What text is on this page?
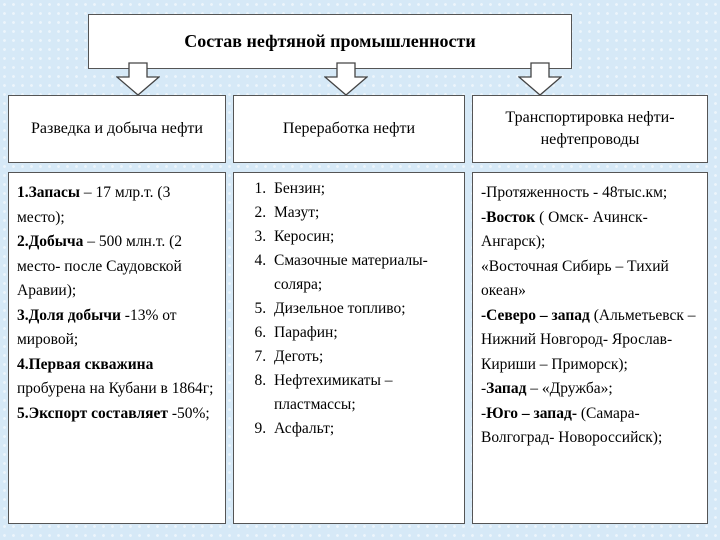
Состав нефтяной промышленности
Разведка и добыча нефти	Переработка нефти
Транспортировка нефти- нефтепроводы

1.Запасы – 17 млр.т. (3 место);

2.Добыча – 500 млн.т. (2 место- после Саудовской Аравии);

3.Доля добычи -13% от мировой;

4.Первая скважина пробурена на Кубани в 1864г;

5.Экспорт составляет -50%;

1. Бензин;
2. Мазут;
3. Керосин;
4. Смазочные материалы- соляра;
5. Дизельное топливо;
6. Парафин;
7. Деготь;
8. Нефтехимикаты – пластмассы;
9. Асфальт;

-Протяженность - 48тыс.км;

-Восток ( Омск- Ачинск- Ангарск);

«Восточная Сибирь – Тихий океан»

-Северо – запад (Альметьевск – Нижний Новгород- Ярослав- Кириши – Приморск);

-Запад – «Дружба»;

-Юго – запад- (Самара- Волгоград- Новороссийск);
